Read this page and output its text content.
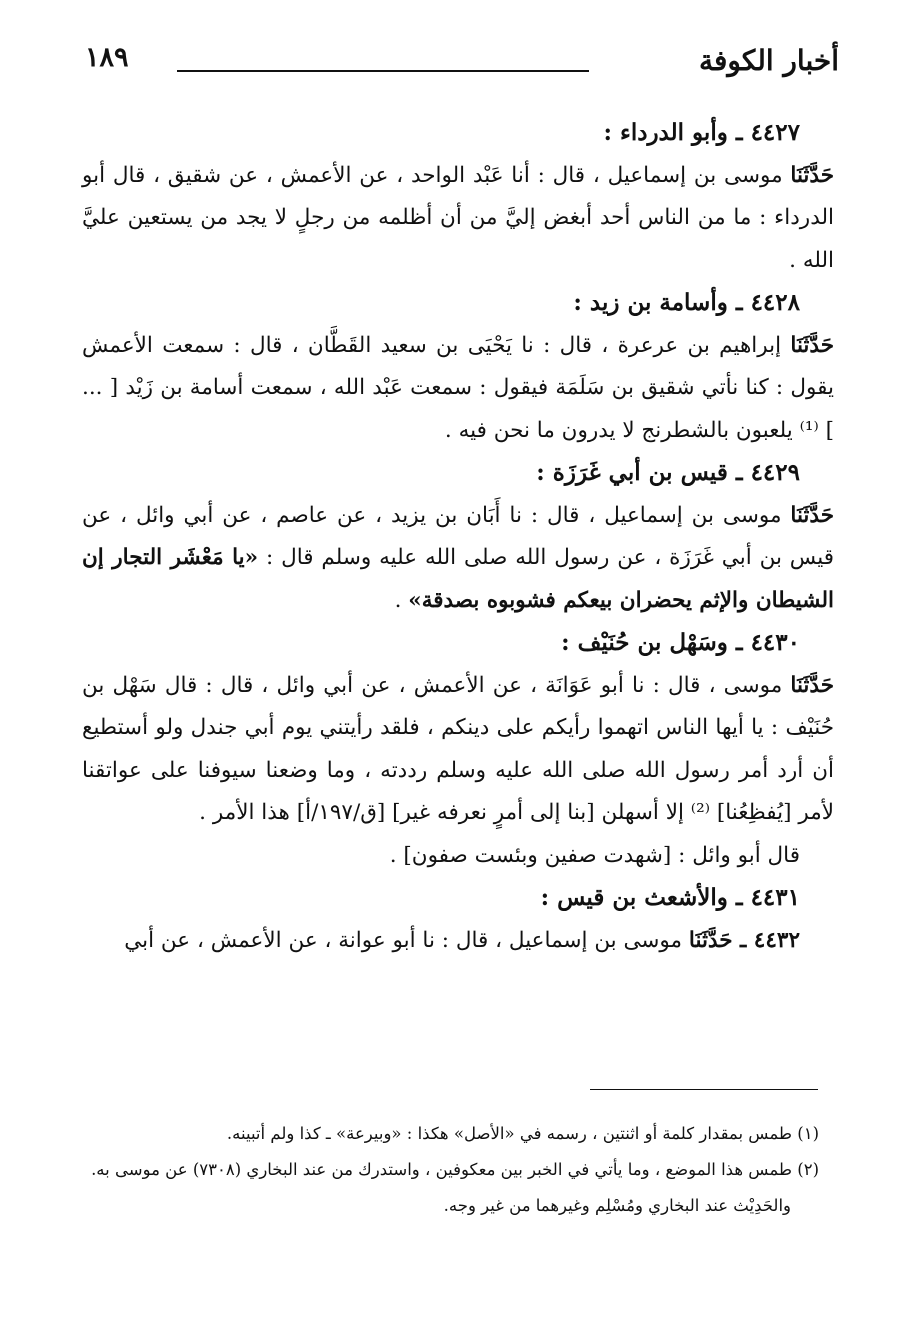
أخبار الكوفة
١٨٩

٤٤٢٧ ـ وأبو الدرداء :

حَدَّثَنَا موسى بن إسماعيل ، قال : أنا عَبْد الواحد ، عن الأعمش ، عن شقيق ، قال أبو الدرداء : ما من الناس أحد أبغض إليَّ من أن أظلمه من رجلٍ لا يجد من يستعين عليَّ الله .

٤٤٢٨ ـ وأسامة بن زيد :

حَدَّثَنَا إبراهيم بن عرعرة ، قال : نا يَحْيَى بن سعيد القَطَّان ، قال : سمعت الأعمش يقول : كنا نأتي شقيق بن سَلَمَة فيقول : سمعت عَبْد الله ، سمعت أسامة بن زَيْد [ ... ] ⁽¹⁾ يلعبون بالشطرنج لا يدرون ما نحن فيه .

٤٤٢٩ ـ قيس بن أبي غَرَزَة :

حَدَّثَنَا موسى بن إسماعيل ، قال : نا أَبَان بن يزيد ، عن عاصم ، عن أبي وائل ، عن قيس بن أبي غَرَزَة ، عن رسول الله صلى الله عليه وسلم قال : «يا مَعْشَر التجار إن الشيطان والإثم يحضران بيعكم فشوبوه بصدقة» .

٤٤٣٠ ـ وسَهْل بن حُنَيْف :

حَدَّثَنَا موسى ، قال : نا أبو عَوَانَة ، عن الأعمش ، عن أبي وائل ، قال : قال سَهْل بن حُنَيْف : يا أيها الناس اتهموا رأيكم على دينكم ، فلقد رأيتني يوم أبي جندل ولو أستطيع أن أرد أمر رسول الله صلى الله عليه وسلم رددته ، وما وضعنا سيوفنا على عواتقنا لأمر [يُفظِعُنا] ⁽²⁾ إلا أسهلن [بنا إلى أمرٍ نعرفه غير] [ق/١٩٧/أ] هذا الأمر .

قال أبو وائل : [شهدت صفين وبئست صفون] .

٤٤٣١ ـ والأشعث بن قيس :

٤٤٣٢ ـ حَدَّثَنَا موسى بن إسماعيل ، قال : نا أبو عوانة ، عن الأعمش ، عن أبي

(١) طمس بمقدار كلمة أو اثنتين ، رسمه في «الأصل» هكذا : «وبيرعة» ـ كذا ولم أتبينه.

(٢) طمس هذا الموضع ، وما يأتي في الخبر بين معكوفين ، واستدرك من عند البخاري (٧٣٠٨) عن موسى به.

والحَدِيْث عند البخاري ومُسْلِم وغيرهما من غير وجه.
